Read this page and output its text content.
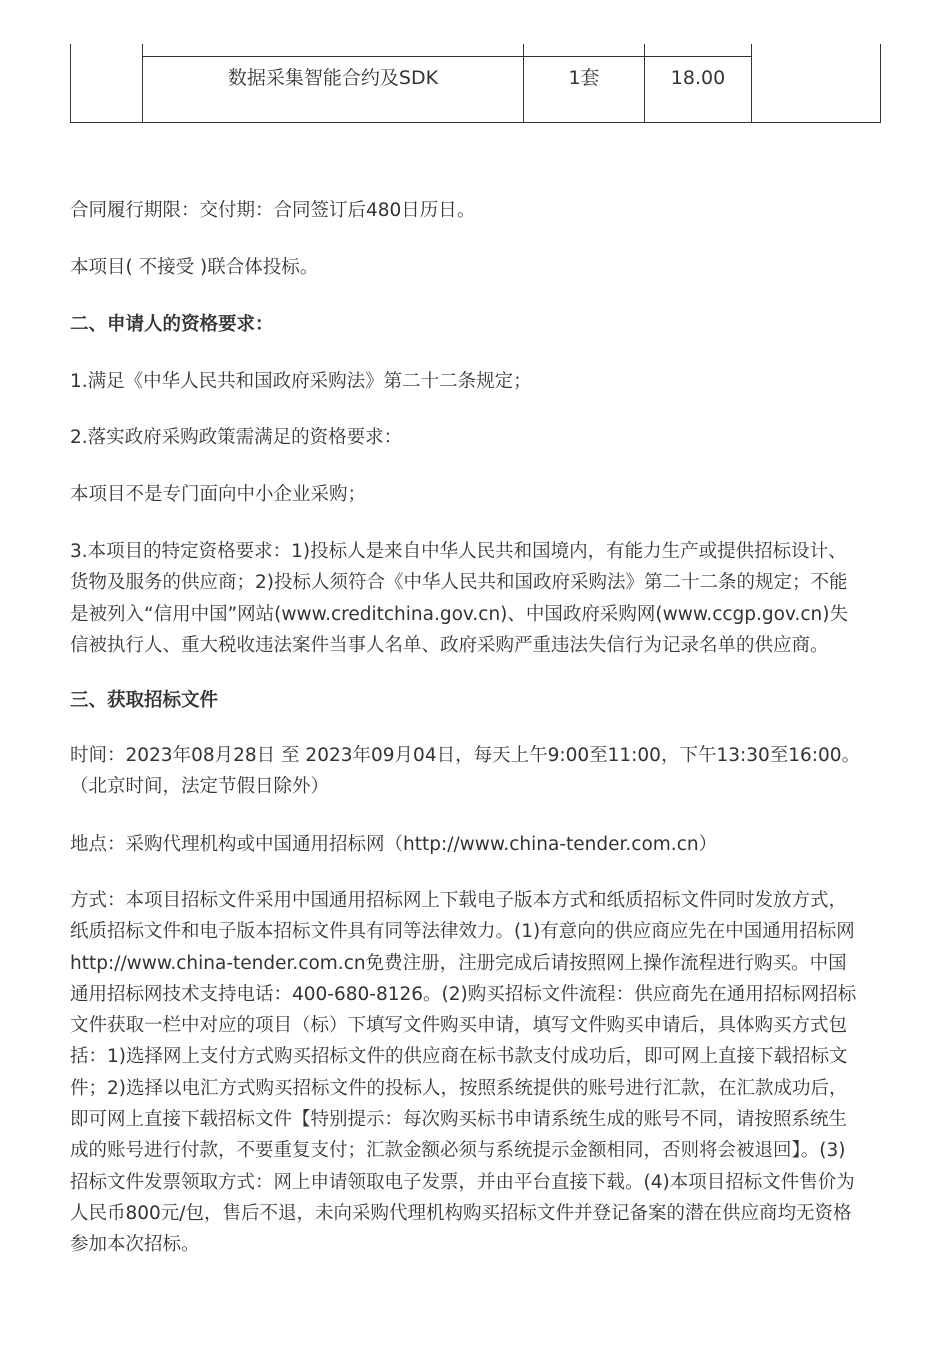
数据采集智能合约及SDK	1套	18.00

合同履行期限：交付期：合同签订后480日历日。

本项目( 不接受 )联合体投标。

二、申请人的资格要求：

1.满足《中华人民共和国政府采购法》第二十二条规定；

2.落实政府采购政策需满足的资格要求：

本项目不是专门面向中小企业采购；

3.本项目的特定资格要求：1)投标人是来自中华人民共和国境内，有能力生产或提供招标设计、
货物及服务的供应商；2)投标人须符合《中华人民共和国政府采购法》第二十二条的规定；不能
是被列入“信用中国”网站(www.creditchina.gov.cn)、中国政府采购网(www.ccgp.gov.cn)失
信被执行人、重大税收违法案件当事人名单、政府采购严重违法失信行为记录名单的供应商。

三、获取招标文件

时间：2023年08月28日 至 2023年09月04日，每天上午9:00至11:00，下午13:30至16:00。
（北京时间，法定节假日除外）

地点：采购代理机构或中国通用招标网（http://www.china-tender.com.cn）

方式：本项目招标文件采用中国通用招标网上下载电子版本方式和纸质招标文件同时发放方式，
纸质招标文件和电子版本招标文件具有同等法律效力。(1)有意向的供应商应先在中国通用招标网
http://www.china-tender.com.cn免费注册，注册完成后请按照网上操作流程进行购买。中国
通用招标网技术支持电话：400-680-8126。(2)购买招标文件流程：供应商先在通用招标网招标
文件获取一栏中对应的项目（标）下填写文件购买申请，填写文件购买申请后，具体购买方式包
括：1)选择网上支付方式购买招标文件的供应商在标书款支付成功后，即可网上直接下载招标文
件；2)选择以电汇方式购买招标文件的投标人，按照系统提供的账号进行汇款，在汇款成功后，
即可网上直接下载招标文件【特别提示：每次购买标书申请系统生成的账号不同，请按照系统生
成的账号进行付款，不要重复支付；汇款金额必须与系统提示金额相同，否则将会被退回】。(3)
招标文件发票领取方式：网上申请领取电子发票，并由平台直接下载。(4)本项目招标文件售价为
人民币800元/包，售后不退，未向采购代理机构购买招标文件并登记备案的潜在供应商均无资格
参加本次招标。
